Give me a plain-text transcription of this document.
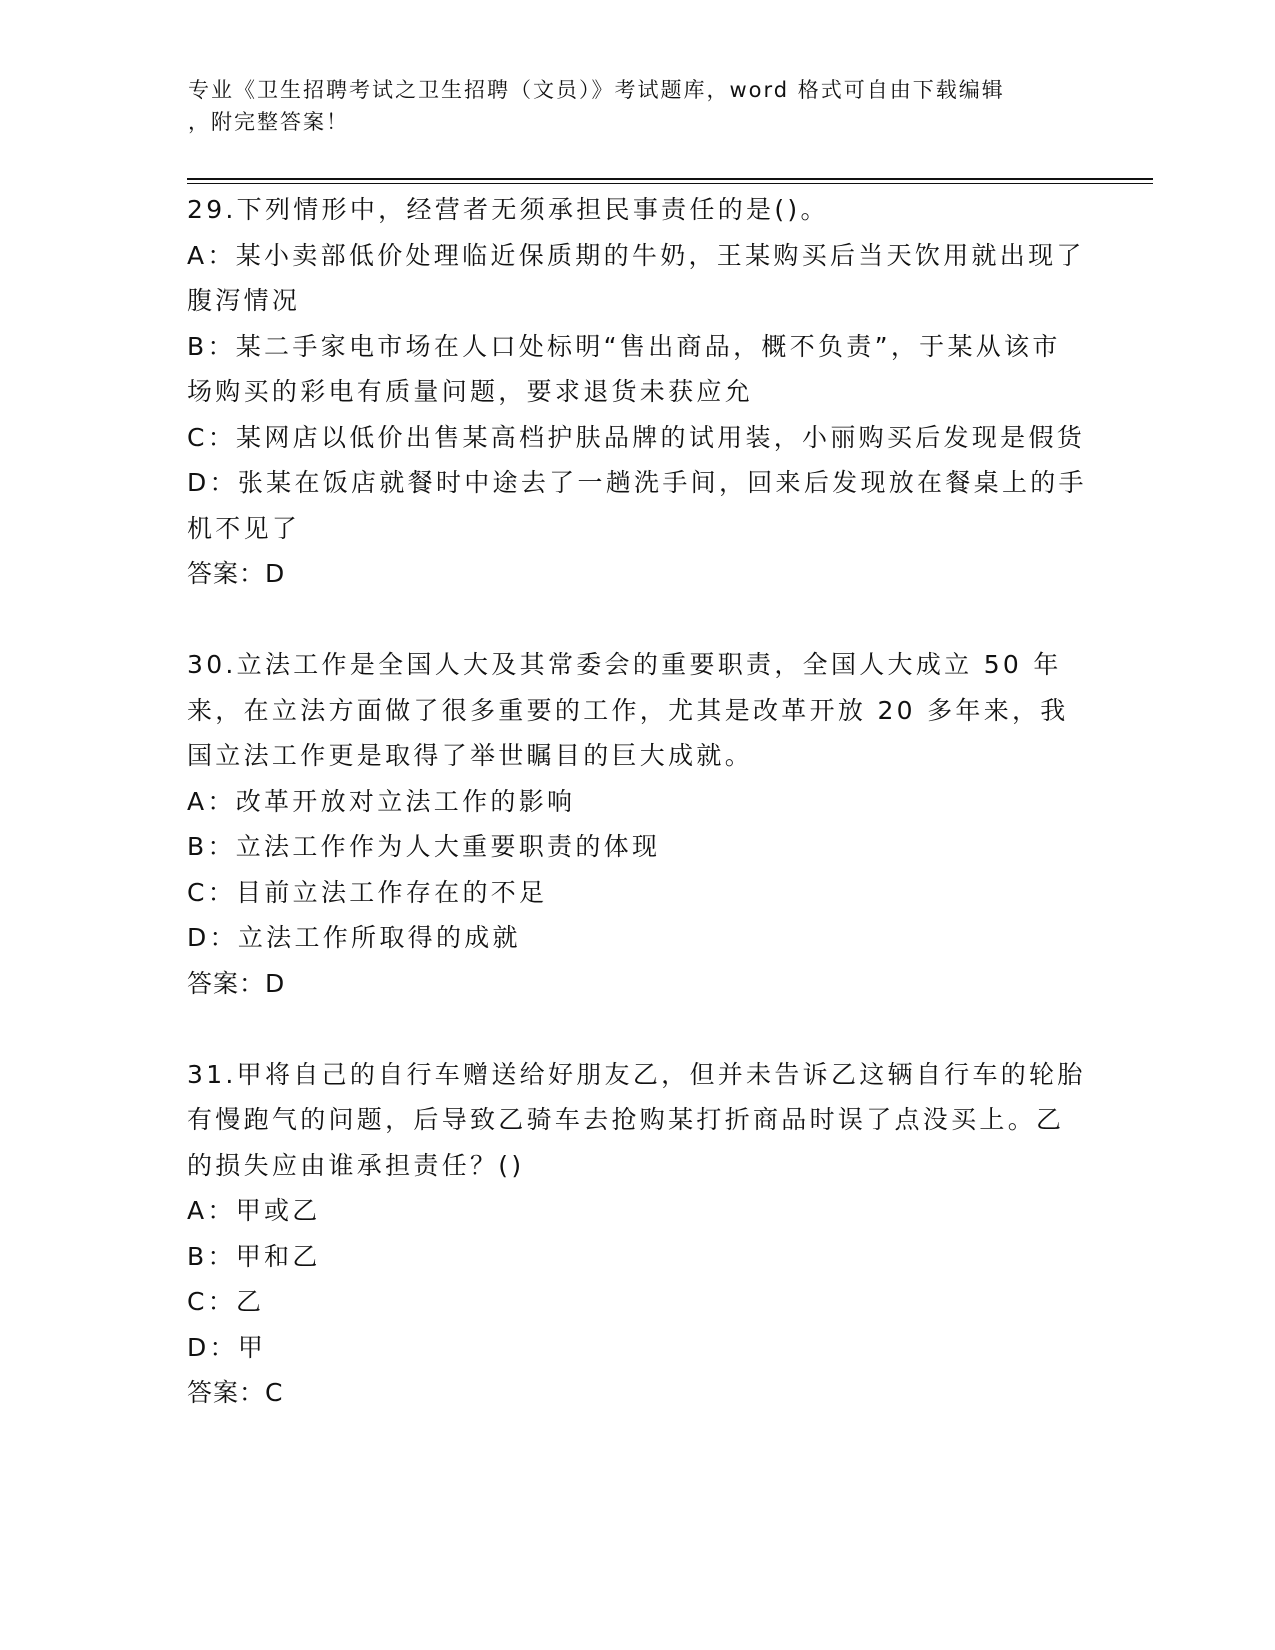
专业《卫生招聘考试之卫生招聘（文员）》考试题库，word 格式可自由下载编辑
，附完整答案！

29.下列情形中，经营者无须承担民事责任的是()。

A：某小卖部低价处理临近保质期的牛奶，王某购买后当天饮用就出现了腹泻情况

B：某二手家电市场在人口处标明“售出商品，概不负责”，于某从该市场购买的彩电有质量问题，要求退货未获应允

C：某网店以低价出售某高档护肤品牌的试用装，小丽购买后发现是假货

D：张某在饭店就餐时中途去了一趟洗手间，回来后发现放在餐桌上的手机不见了

答案：D

30.立法工作是全国人大及其常委会的重要职责，全国人大成立 50 年来，在立法方面做了很多重要的工作，尤其是改革开放 20 多年来，我国立法工作更是取得了举世瞩目的巨大成就。

A：改革开放对立法工作的影响

B：立法工作作为人大重要职责的体现

C：目前立法工作存在的不足

D：立法工作所取得的成就

答案：D

31.甲将自己的自行车赠送给好朋友乙，但并未告诉乙这辆自行车的轮胎有慢跑气的问题，后导致乙骑车去抢购某打折商品时误了点没买上。乙的损失应由谁承担责任？()

A：甲或乙

B：甲和乙

C：乙

D：甲

答案：C
